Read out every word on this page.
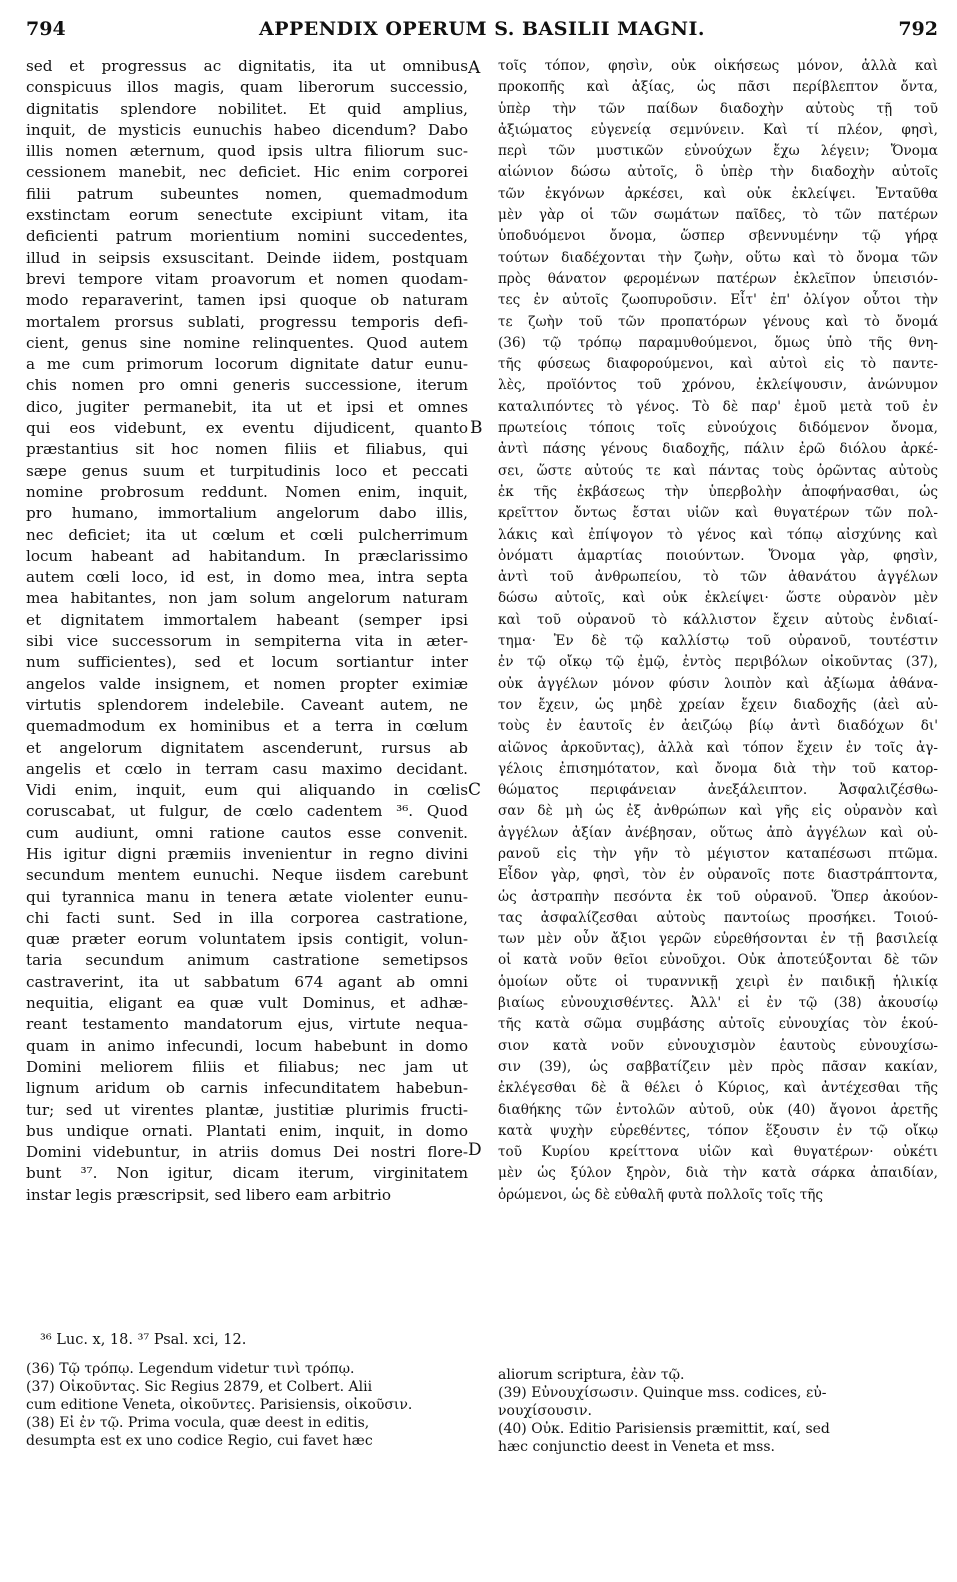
794	APPENDIX OPERUM S. BASILII MAGNI.	792
sed et progressus ac dignitatis, ita ut omnibus
conspicuus illos magis, quam liberorum successio,
dignitatis splendore nobilitet. Et quid amplius,
inquit, de mysticis eunuchis habeo dicendum? Dabo
illis nomen æternum, quod ipsis ultra filiorum suc-
cessionem manebit, nec deficiet. Hic enim corporei
filii patrum subeuntes nomen, quemadmodum
exstinctam eorum senectute excipiunt vitam, ita
deficienti patrum morientium nomini succedentes,
illud in seipsis exsuscitant. Deinde iidem, postquam
brevi tempore vitam proavorum et nomen quodam-
modo reparaverint, tamen ipsi quoque ob naturam
mortalem prorsus sublati, progressu temporis defi-
cient, genus sine nomine relinquentes. Quod autem
a me cum primorum locorum dignitate datur eunu-
chis nomen pro omni generis successione, iterum
dico, jugiter permanebit, ita ut et ipsi et omnes
qui eos videbunt, ex eventu dijudicent, quanto
præstantius sit hoc nomen filiis et filiabus, qui
sæpe genus suum et turpitudinis loco et peccati
nomine probrosum reddunt. Nomen enim, inquit,
pro humano, immortalium angelorum dabo illis,
nec deficiet; ita ut cœlum et cœli pulcherrimum
locum habeant ad habitandum. In præclarissimo
autem cœli loco, id est, in domo mea, intra septa
mea habitantes, non jam solum angelorum naturam
et dignitatem immortalem habeant (semper ipsi
sibi vice successorum in sempiterna vita in æter-
num sufficientes), sed et locum sortiantur inter
angelos valde insignem, et nomen propter eximiæ
virtutis splendorem indelebile. Caveant autem, ne
quemadmodum ex hominibus et a terra in cœlum
et angelorum dignitatem ascenderunt, rursus ab
angelis et cœlo in terram casu maximo decidant.
Vidi enim, inquit, eum qui aliquando in cœlis
coruscabat, ut fulgur, de cœlo cadentem ³⁶. Quod
cum audiunt, omni ratione cautos esse convenit.
His igitur digni præmiis invenientur in regno divini
secundum mentem eunuchi. Neque iisdem carebunt
qui tyrannica manu in tenera ætate violenter eunu-
chi facti sunt. Sed in illa corporea castratione,
quæ præter eorum voluntatem ipsis contigit, volun-
taria secundum animum castratione semetipsos
castraverint, ita ut sabbatum 674 agant ab omni
nequitia, eligant ea quæ vult Dominus, et adhæ-
reant testamento mandatorum ejus, virtute nequa-
quam in animo infecundi, locum habebunt in domo
Domini meliorem filiis et filiabus; nec jam ut
lignum aridum ob carnis infecunditatem habebun-
tur; sed ut virentes plantæ, justitiæ plurimis fructi-
bus undique ornati. Plantati enim, inquit, in domo
Domini videbuntur, in atriis domus Dei nostri flore-
bunt ³⁷. Non igitur, dicam iterum, virginitatem
instar legis præscripsit, sed libero eam arbitrio
τοῖς τόπον, φησὶν, οὐκ οἰκήσεως μόνον, ἀλλὰ καὶ
προκοπῆς καὶ ἀξίας, ὡς πᾶσι περίβλεπτον ὄντα,
ὑπὲρ τὴν τῶν παίδων διαδοχὴν αὐτοὺς τῇ τοῦ
ἀξιώματος εὐγενείᾳ σεμνύνειν. Καὶ τί πλέον, φησὶ,
περὶ τῶν μυστικῶν εὐνούχων ἔχω λέγειν; Ὄνομα
αἰώνιον δώσω αὐτοῖς, ὃ ὑπὲρ τὴν διαδοχὴν αὐτοῖς
τῶν ἐκγόνων ἀρκέσει, καὶ οὐκ ἐκλείψει. Ἐνταῦθα
μὲν γὰρ οἱ τῶν σωμάτων παῖδες, τὸ τῶν πατέρων
ὑποδυόμενοι ὄνομα, ὥσπερ σβεννυμένην τῷ γήρᾳ
τούτων διαδέχονται τὴν ζωὴν, οὕτω καὶ τὸ ὄνομα τῶν
πρὸς θάνατον φερομένων πατέρων ἐκλεῖπον ὑπεισιόν-
τες ἐν αὐτοῖς ζωοπυροῦσιν. Εἶτ' ἐπ' ὀλίγον οὗτοι τὴν
τε ζωὴν τοῦ τῶν προπατόρων γένους καὶ τὸ ὄνομά
(36) τῷ τρόπῳ παραμυθούμενοι, ὅμως ὑπὸ τῆς θνη-
τῆς φύσεως διαφορούμενοι, καὶ αὐτοὶ εἰς τὸ παντε-
λὲς, προϊόντος τοῦ χρόνου, ἐκλείψουσιν, ἀνώνυμον
καταλιπόντες τὸ γένος. Τὸ δὲ παρ' ἐμοῦ μετὰ τοῦ ἐν
πρωτείοις τόποις τοῖς εὐνούχοις διδόμενον ὄνομα,
ἀντὶ πάσης γένους διαδοχῆς, πάλιν ἐρῶ διόλου ἀρκέ-
σει, ὥστε αὐτούς τε καὶ πάντας τοὺς ὁρῶντας αὐτοὺς
ἐκ τῆς ἐκβάσεως τὴν ὑπερβολὴν ἀποφήνασθαι, ὡς
κρεῖττον ὄντως ἔσται υἱῶν καὶ θυγατέρων τῶν πολ-
λάκις καὶ ἐπίψογον τὸ γένος καὶ τόπῳ αἰσχύνης καὶ
ὀνόματι ἁμαρτίας ποιούντων. Ὄνομα γὰρ, φησὶν,
ἀντὶ τοῦ ἀνθρωπείου, τὸ τῶν ἀθανάτου ἀγγέλων
δώσω αὐτοῖς, καὶ οὐκ ἐκλείψει· ὥστε οὐρανὸν μὲν
καὶ τοῦ οὐρανοῦ τὸ κάλλιστον ἔχειν αὐτοὺς ἐνδιαί-
τημα· Ἐν δὲ τῷ καλλίστῳ τοῦ οὐρανοῦ, τουτέστιν
ἐν τῷ οἴκῳ τῷ ἐμῷ, ἐντὸς περιβόλων οἰκοῦντας (37),
οὐκ ἀγγέλων μόνον φύσιν λοιπὸν καὶ ἀξίωμα ἀθάνα-
τον ἔχειν, ὡς μηδὲ χρείαν ἔχειν διαδοχῆς (ἀεὶ αὐ-
τοὺς ἐν ἑαυτοῖς ἐν ἀειζώῳ βίῳ ἀντὶ διαδόχων δι'
αἰῶνος ἀρκοῦντας), ἀλλὰ καὶ τόπον ἔχειν ἐν τοῖς ἀγ-
γέλοις ἐπισημότατον, καὶ ὄνομα διὰ τὴν τοῦ κατορ-
θώματος περιφάνειαν ἀνεξάλειπτον. Ἀσφαλιζέσθω-
σαν δὲ μὴ ὡς ἐξ ἀνθρώπων καὶ γῆς εἰς οὐρανὸν καὶ
ἀγγέλων ἀξίαν ἀνέβησαν, οὕτως ἀπὸ ἀγγέλων καὶ οὐ-
ρανοῦ εἰς τὴν γῆν τὸ μέγιστον καταπέσωσι πτῶμα.
Εἶδον γὰρ, φησὶ, τὸν ἐν οὐρανοῖς ποτε διαστράπτοντα,
ὡς ἀστραπὴν πεσόντα ἐκ τοῦ οὐρανοῦ. Ὅπερ ἀκούον-
τας ἀσφαλίζεσθαι αὐτοὺς παντοίως προσήκει. Τοιού-
των μὲν οὖν ἄξιοι γερῶν εὑρεθήσονται ἐν τῇ βασιλείᾳ
οἱ κατὰ νοῦν θεῖοι εὐνοῦχοι. Οὐκ ἀποτεύξονται δὲ τῶν
ὁμοίων οὔτε οἱ τυραννικῇ χειρὶ ἐν παιδικῇ ἡλικίᾳ
βιαίως εὐνουχισθέντες. Ἀλλ' εἰ ἐν τῷ (38) ἀκουσίῳ
τῆς κατὰ σῶμα συμβάσης αὐτοῖς εὐνουχίας τὸν ἑκού-
σιον κατὰ νοῦν εὐνουχισμὸν ἑαυτοὺς εὐνουχίσω-
σιν (39), ὡς σαββατίζειν μὲν πρὸς πᾶσαν κακίαν,
ἐκλέγεσθαι δὲ ἃ θέλει ὁ Κύριος, καὶ ἀντέχεσθαι τῆς
διαθήκης τῶν ἐντολῶν αὐτοῦ, οὐκ (40) ἄγονοι ἀρετῆς
κατὰ ψυχὴν εὑρεθέντες, τόπον ἕξουσιν ἐν τῷ οἴκῳ
τοῦ Κυρίου κρείττονα υἱῶν καὶ θυγατέρων· οὐκέτι
μὲν ὡς ξύλον ξηρὸν, διὰ τὴν κατὰ σάρκα ἀπαιδίαν,
ὁρώμενοι, ὡς δὲ εὐθαλῆ φυτὰ πολλοῖς τοῖς τῆς
A
B
C
D
³⁶ Luc. x, 18. ³⁷ Psal. xci, 12.
(36) Τῷ τρόπῳ. Legendum videtur τινὶ τρόπῳ.
(37) Οἰκοῦντας. Sic Regius 2879, et Colbert. Alii
cum editione Veneta, οἰκοῦντες. Parisiensis, οἰκοῦσιν.
(38) Εἰ ἐν τῷ. Prima vocula, quæ deest in editis,
desumpta est ex uno codice Regio, cui favet hæc
aliorum scriptura, ἐὰν τῷ.
(39) Εὐνουχίσωσιν. Quinque mss. codices, εὐ-
νουχίσουσιν.
(40) Οὐκ. Editio Parisiensis præmittit, καί, sed
hæc conjunctio deest in Veneta et mss.
